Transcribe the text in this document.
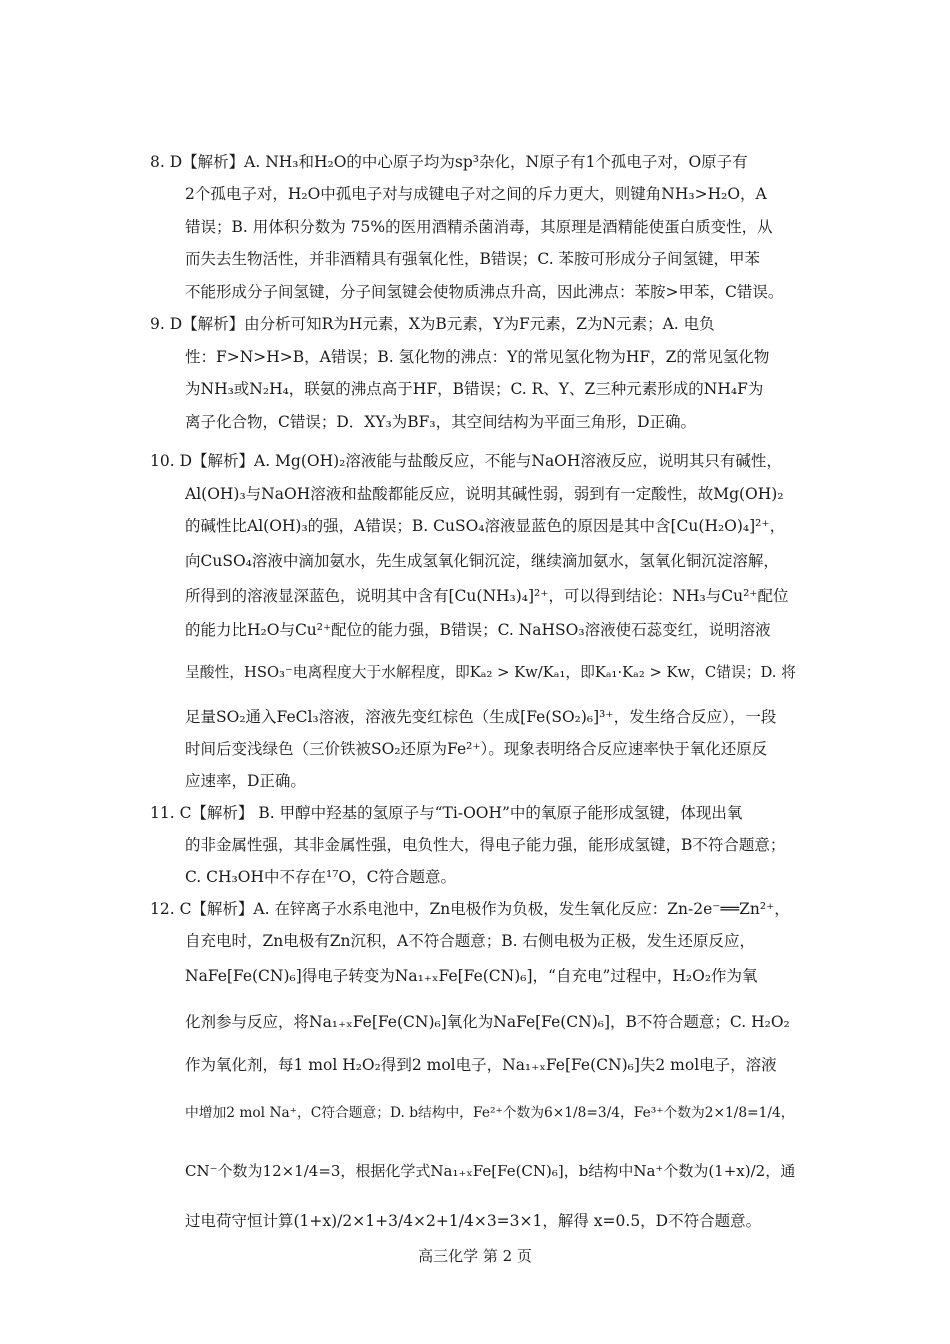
8. D【解析】A. NH₃和H₂O的中心原子均为sp³杂化，N原子有1个孤电子对，O原子有
2个孤电子对，H₂O中孤电子对与成键电子对之间的斥力更大，则键角NH₃>H₂O，A
错误；B. 用体积分数为 75%的医用酒精杀菌消毒，其原理是酒精能使蛋白质变性，从
而失去生物活性，并非酒精具有强氧化性，B错误；C. 苯胺可形成分子间氢键，甲苯
不能形成分子间氢键，分子间氢键会使物质沸点升高，因此沸点：苯胺>甲苯，C错误。
9. D【解析】由分析可知R为H元素，X为B元素，Y为F元素，Z为N元素；A. 电负
性：F>N>H>B，A错误；B. 氢化物的沸点：Y的常见氢化物为HF，Z的常见氢化物
为NH₃或N₂H₄，联氨的沸点高于HF，B错误；C. R、Y、Z三种元素形成的NH₄F为
离子化合物，C错误；D．XY₃为BF₃，其空间结构为平面三角形，D正确。
10. D【解析】A. Mg(OH)₂溶液能与盐酸反应，不能与NaOH溶液反应，说明其只有碱性，
Al(OH)₃与NaOH溶液和盐酸都能反应，说明其碱性弱，弱到有一定酸性，故Mg(OH)₂
的碱性比Al(OH)₃的强，A错误；B. CuSO₄溶液显蓝色的原因是其中含[Cu(H₂O)₄]²⁺，
向CuSO₄溶液中滴加氨水，先生成氢氧化铜沉淀，继续滴加氨水，氢氧化铜沉淀溶解，
所得到的溶液显深蓝色，说明其中含有[Cu(NH₃)₄]²⁺，可以得到结论：NH₃与Cu²⁺配位
的能力比H₂O与Cu²⁺配位的能力强，B错误；C. NaHSO₃溶液使石蕊变红，说明溶液
呈酸性，HSO₃⁻电离程度大于水解程度，即Kₐ₂ > Kw/Kₐ₁，即Kₐ₁·Kₐ₂ > Kw，C错误；D. 将
足量SO₂通入FeCl₃溶液，溶液先变红棕色（生成[Fe(SO₂)₆]³⁺，发生络合反应），一段
时间后变浅绿色（三价铁被SO₂还原为Fe²⁺）。现象表明络合反应速率快于氧化还原反
应速率，D正确。
11. C【解析】 B. 甲醇中羟基的氢原子与“Ti-OOH”中的氧原子能形成氢键，体现出氧
的非金属性强，其非金属性强，电负性大，得电子能力强，能形成氢键，B不符合题意；
C. CH₃OH中不存在¹⁷O，C符合题意。
12. C【解析】A. 在锌离子水系电池中，Zn电极作为负极，发生氧化反应：Zn-2e⁻══Zn²⁺，
自充电时，Zn电极有Zn沉积，A不符合题意；B. 右侧电极为正极，发生还原反应，
NaFe[Fe(CN)₆]得电子转变为Na₁₊ₓFe[Fe(CN)₆]，“自充电”过程中，H₂O₂作为氧
化剂参与反应，将Na₁₊ₓFe[Fe(CN)₆]氧化为NaFe[Fe(CN)₆]，B不符合题意；C. H₂O₂
作为氧化剂，每1 mol H₂O₂得到2 mol电子，Na₁₊ₓFe[Fe(CN)₆]失2 mol电子，溶液
中增加2 mol Na⁺，C符合题意；D. b结构中，Fe²⁺个数为6×1/8=3/4，Fe³⁺个数为2×1/8=1/4，
CN⁻个数为12×1/4=3，根据化学式Na₁₊ₓFe[Fe(CN)₆]，b结构中Na⁺个数为(1+x)/2，通
过电荷守恒计算(1+x)/2×1+3/4×2+1/4×3=3×1，解得 x=0.5，D不符合题意。
高三化学 第 2 页
